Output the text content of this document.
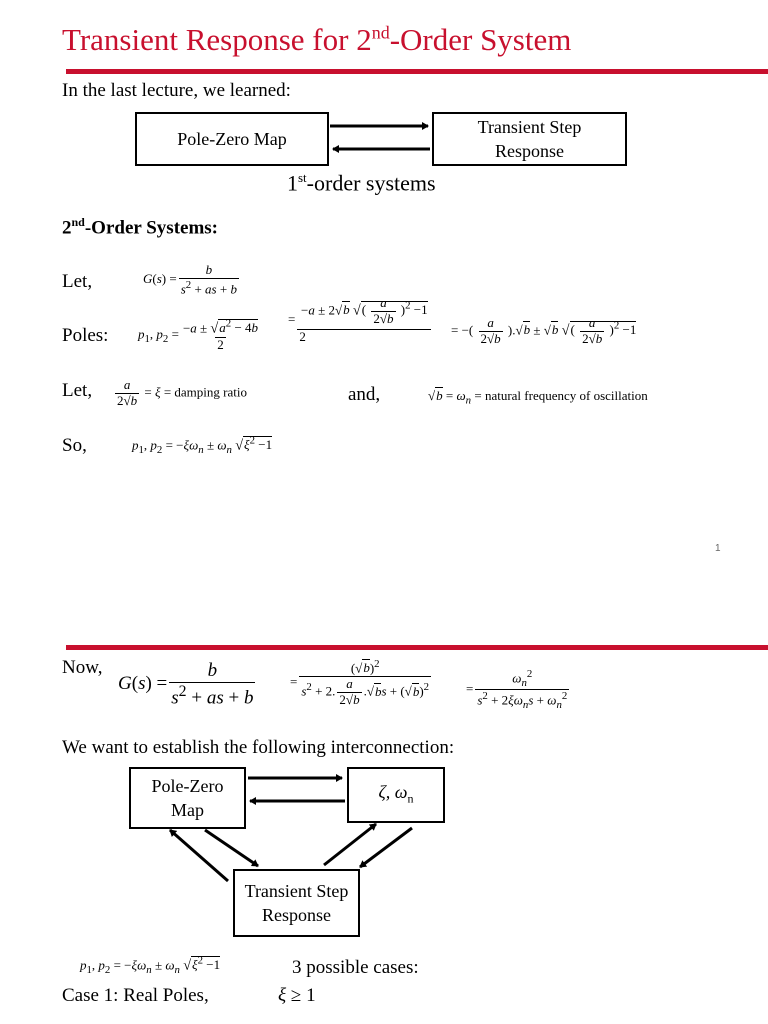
Transient Response for 2nd-Order System
In the last lecture, we learned:
Pole-Zero Map
Transient Step
Response
1st-order systems
2nd-Order Systems:
Let,	$G(s) = \frac{b}{s^2 + as + b}$
Poles: $p_1$, $p_2 = \frac{-a \pm √a^2 - 4b}{2} = \frac{-a \pm 2√b √( \frac{a}{2√b} )^2 -1}{2}$ = −( $\frac{a}{2√b} ).√b \pm √b$ √( $\frac{a}{2√b} )^2 -1$
Let, $\frac{a}{2√b} = \xi$ = damping ratio	and,	$√b = \omega_n$ = natural frequency of oscillation
So,	$p_1$, $p_2 = -\xi\omega_n \pm \omega_n$ $√\xi^2 -1$
1
Now,
$G(s) = \frac{b}{s^2 + as + b}$	= $\frac{(√b)^2}{s^2 + 2. \frac{a}{2√b} .√bs + (√b)^2}$	= $\frac{\omega_n^2}{s^2 + 2\xi\omega_ns + \omega_n^2}$
We want to establish the following interconnection:
Pole-Zero
Map
ζ, $\omega_n$
Transient Step
Response
$p_1$, $p_2 = -\xi\omega_n \pm \omega_n$ $√\xi^2 -1$	3 possible cases:
Case 1: Real Poles,	ξ ≥ 1
